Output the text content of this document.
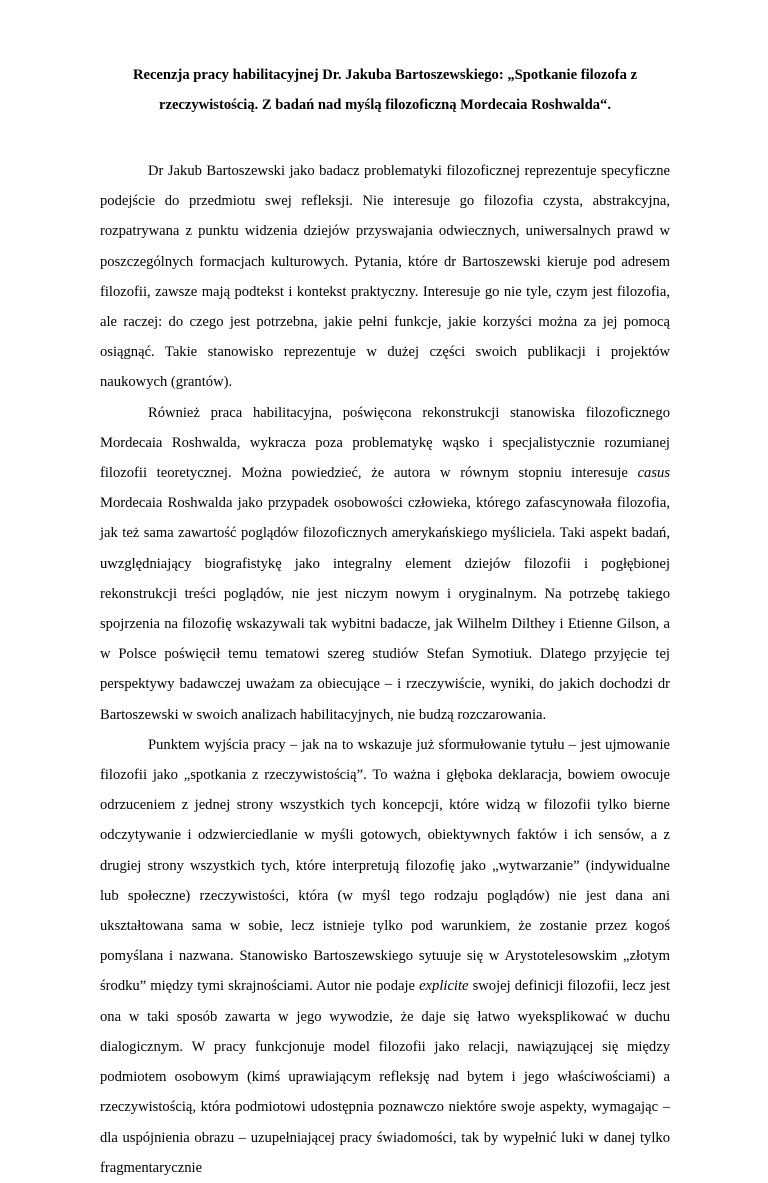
Recenzja pracy habilitacyjnej Dr. Jakuba Bartoszewskiego: „Spotkanie filozofa z rzeczywistością. Z badań nad myślą filozoficzną Mordecaia Roshwalda“.

Dr Jakub Bartoszewski jako badacz problematyki filozoficznej reprezentuje specyficzne podejście do przedmiotu swej refleksji. Nie interesuje go filozofia czysta, abstrakcyjna, rozpatrywana z punktu widzenia dziejów przyswajania odwiecznych, uniwersalnych prawd w poszczególnych formacjach kulturowych. Pytania, które dr Bartoszewski kieruje pod adresem filozofii, zawsze mają podtekst i kontekst praktyczny. Interesuje go nie tyle, czym jest filozofia, ale raczej: do czego jest potrzebna, jakie pełni funkcje, jakie korzyści można za jej pomocą osiągnąć. Takie stanowisko reprezentuje w dużej części swoich publikacji i projektów naukowych (grantów).

Również praca habilitacyjna, poświęcona rekonstrukcji stanowiska filozoficznego Mordecaia Roshwalda, wykracza poza problematykę wąsko i specjalistycznie rozumianej filozofii teoretycznej. Można powiedzieć, że autora w równym stopniu interesuje casus Mordecaia Roshwalda jako przypadek osobowości człowieka, którego zafascynowała filozofia, jak też sama zawartość poglądów filozoficznych amerykańskiego myśliciela. Taki aspekt badań, uwzględniający biografistykę jako integralny element dziejów filozofii i pogłębionej rekonstrukcji treści poglądów, nie jest niczym nowym i oryginalnym. Na potrzebę takiego spojrzenia na filozofię wskazywali tak wybitni badacze, jak Wilhelm Dilthey i Etienne Gilson, a w Polsce poświęcił temu tematowi szereg studiów Stefan Symotiuk. Dlatego przyjęcie tej perspektywy badawczej uważam za obiecujące – i rzeczywiście, wyniki, do jakich dochodzi dr Bartoszewski w swoich analizach habilitacyjnych, nie budzą rozczarowania.

Punktem wyjścia pracy – jak na to wskazuje już sformułowanie tytułu – jest ujmowanie filozofii jako „spotkania z rzeczywistością”. To ważna i głęboka deklaracja, bowiem owocuje odrzuceniem z jednej strony wszystkich tych koncepcji, które widzą w filozofii tylko bierne odczytywanie i odzwierciedlanie w myśli gotowych, obiektywnych faktów i ich sensów, a z drugiej strony wszystkich tych, które interpretują filozofię jako „wytwarzanie” (indywidualne lub społeczne) rzeczywistości, która (w myśl tego rodzaju poglądów) nie jest dana ani ukształtowana sama w sobie, lecz istnieje tylko pod warunkiem, że zostanie przez kogoś pomyślana i nazwana. Stanowisko Bartoszewskiego sytuuje się w Arystotelesowskim „złotym środku” między tymi skrajnościami. Autor nie podaje explicite swojej definicji filozofii, lecz jest ona w taki sposób zawarta w jego wywodzie, że daje się łatwo wyeksplikować w duchu dialogicznym. W pracy funkcjonuje model filozofii jako relacji, nawiązującej się między podmiotem osobowym (kimś uprawiającym refleksję nad bytem i jego właściwościami) a rzeczywistością, która podmiotowi udostępnia poznawczo niektóre swoje aspekty, wymagając – dla uspójnienia obrazu – uzupełniającej pracy świadomości, tak by wypełnić luki w danej tylko fragmentarycznie
